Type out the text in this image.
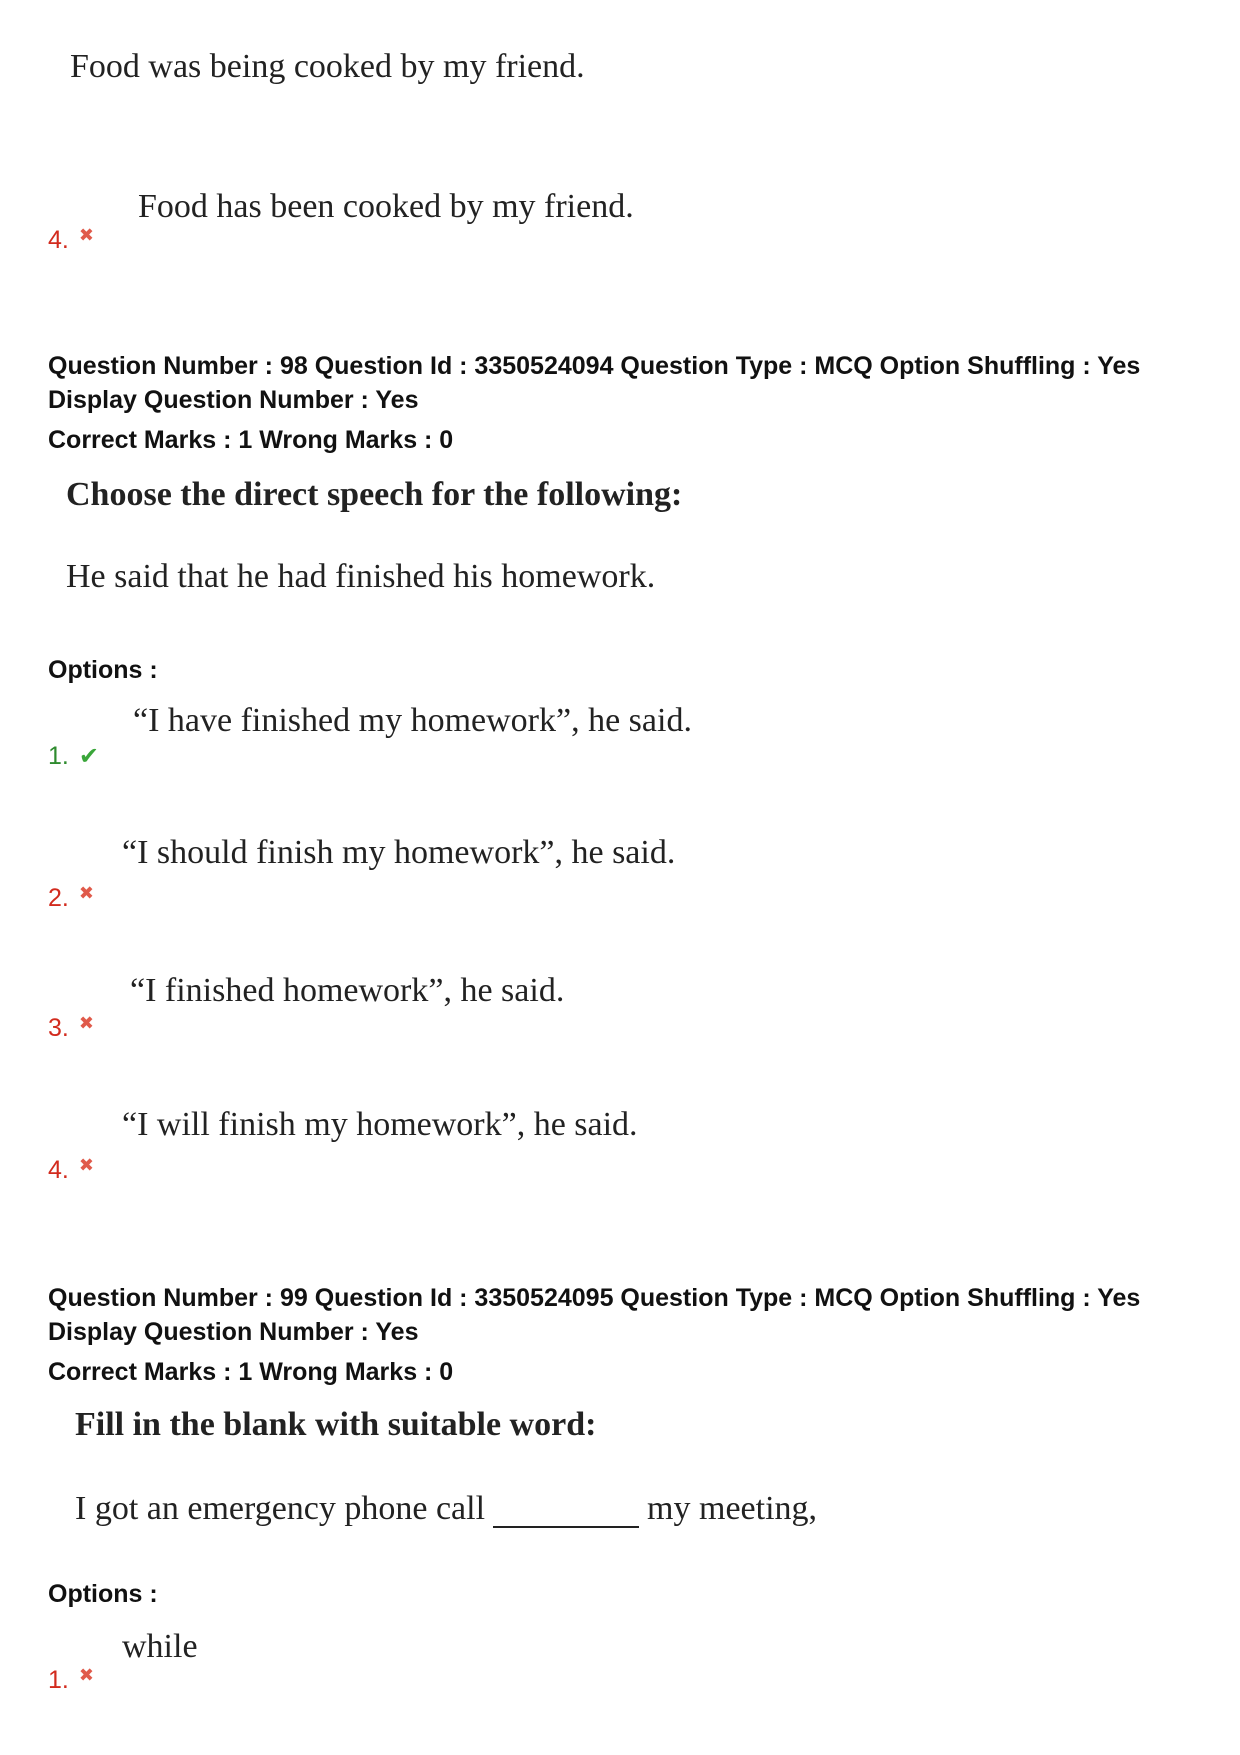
Food was being cooked by my friend.
Food has been cooked by my friend.
4. ✖
Question Number : 98 Question Id : 3350524094 Question Type : MCQ Option Shuffling : Yes
Display Question Number : Yes
Correct Marks : 1 Wrong Marks : 0
Choose the direct speech for the following:
He said that he had finished his homework.
Options :
“I have finished my homework”, he said.
1. ✔
“I should finish my homework”, he said.
2. ✖
“I finished homework”, he said.
3. ✖
“I will finish my homework”, he said.
4. ✖
Question Number : 99 Question Id : 3350524095 Question Type : MCQ Option Shuffling : Yes
Display Question Number : Yes
Correct Marks : 1 Wrong Marks : 0
Fill in the blank with suitable word:
I got an emergency phone call	my meeting,
Options :
while
1. ✖
